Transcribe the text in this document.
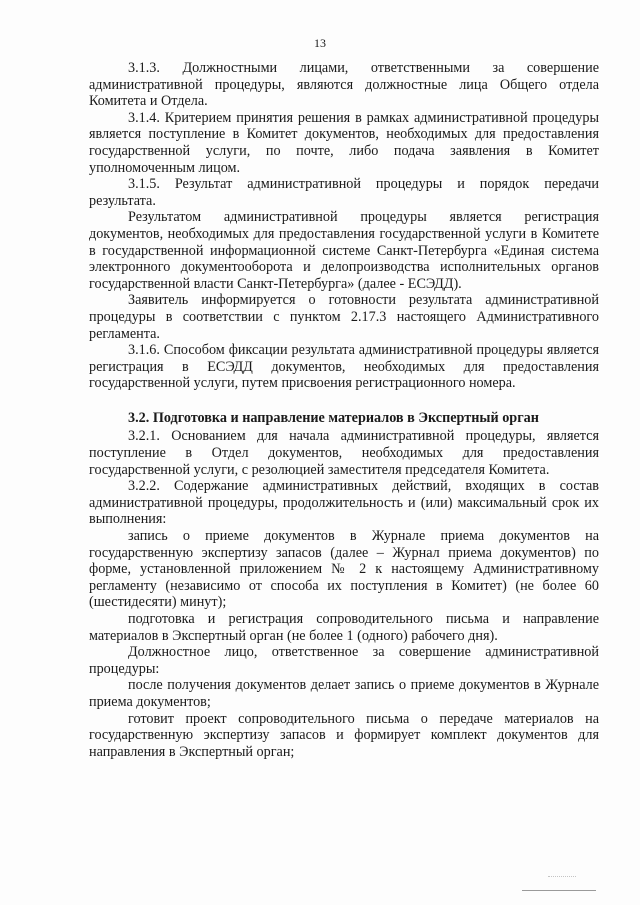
13

3.1.3. Должностными лицами, ответственными за совершение административной процедуры, являются должностные лица Общего отдела Комитета и Отдела.

3.1.4. Критерием принятия решения в рамках административной процедуры является поступление в Комитет документов, необходимых для предоставления государственной услуги, по почте, либо подача заявления в Комитет уполномоченным лицом.

3.1.5. Результат административной процедуры и порядок передачи результата.

Результатом административной процедуры является регистрация документов, необходимых для предоставления государственной услуги в Комитете в государственной информационной системе Санкт-Петербурга «Единая система электронного документооборота и делопроизводства исполнительных органов государственной власти Санкт-Петербурга» (далее - ЕСЭДД).

Заявитель информируется о готовности результата административной процедуры в соответствии с пунктом 2.17.3 настоящего Административного регламента.

3.1.6. Способом фиксации результата административной процедуры является регистрация в ЕСЭДД документов, необходимых для предоставления государственной услуги, путем присвоения регистрационного номера.

3.2. Подготовка и направление материалов в Экспертный орган

3.2.1. Основанием для начала административной процедуры, является поступление в Отдел документов, необходимых для предоставления государственной услуги, с резолюцией заместителя председателя Комитета.

3.2.2. Содержание административных действий, входящих в состав административной процедуры, продолжительность и (или) максимальный срок их выполнения:

запись о приеме документов в Журнале приема документов на государственную экспертизу запасов (далее – Журнал приема документов) по форме, установленной приложением № 2 к настоящему Административному регламенту (независимо от способа их поступления в Комитет) (не более 60 (шестидесяти) минут);

подготовка и регистрация сопроводительного письма и направление материалов в Экспертный орган (не более 1 (одного) рабочего дня).

Должностное лицо, ответственное за совершение административной процедуры:

после получения документов делает запись о приеме документов в Журнале приема документов;

готовит проект сопроводительного письма о передаче материалов на государственную экспертизу запасов и формирует комплект документов для направления в Экспертный орган;
